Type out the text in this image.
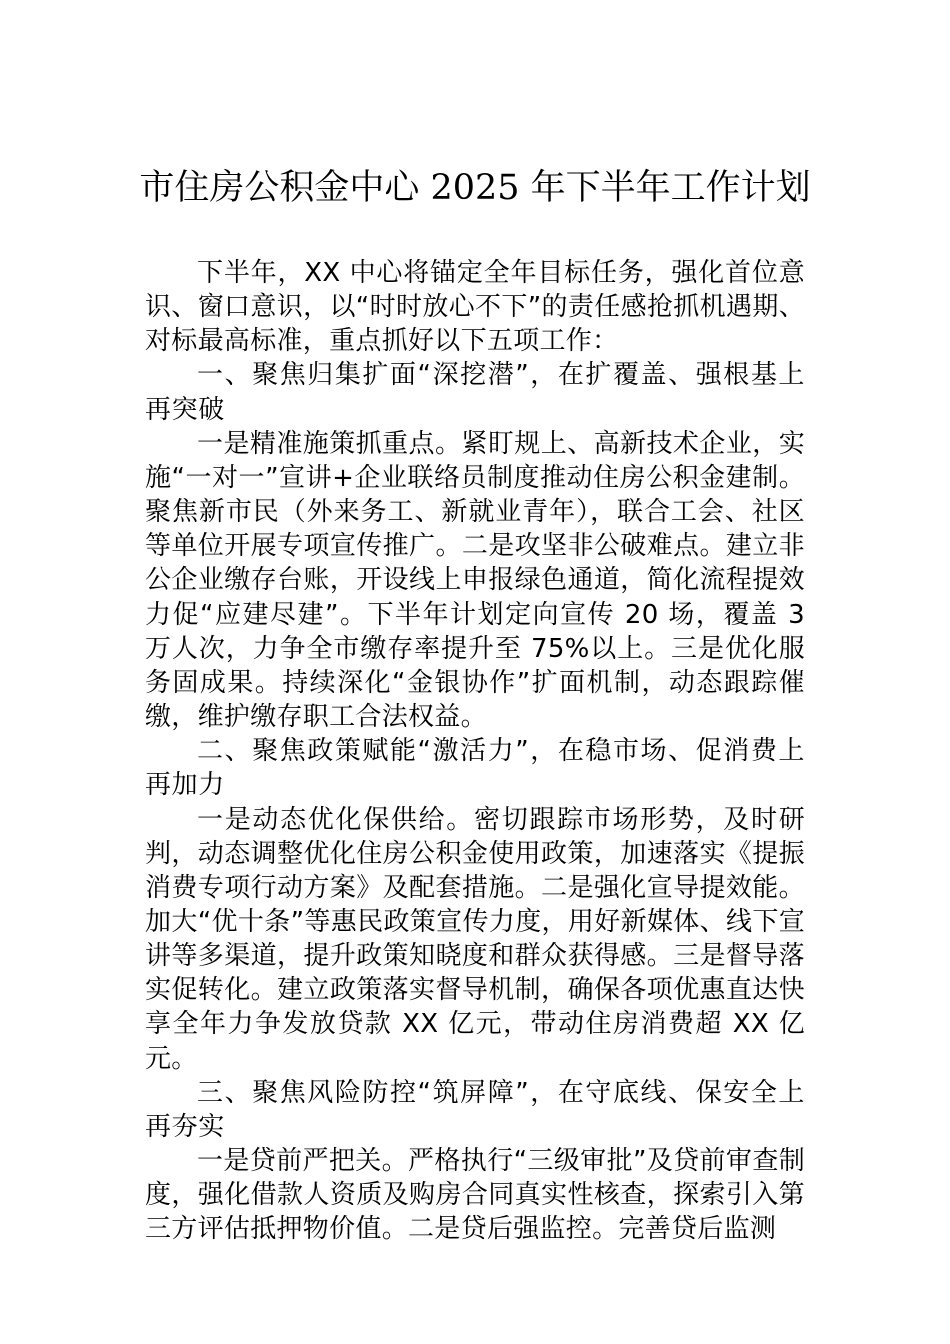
市住房公积金中心 2025 年下半年工作计划

下半年，XX 中心将锚定全年目标任务，强化首位意识、窗口意识，以“时时放心不下”的责任感抢抓机遇期、对标最高标准，重点抓好以下五项工作：

一、聚焦归集扩面“深挖潜”，在扩覆盖、强根基上再突破

一是精准施策抓重点。紧盯规上、高新技术企业，实施“一对一”宣讲+企业联络员制度推动住房公积金建制。聚焦新市民（外来务工、新就业青年），联合工会、社区等单位开展专项宣传推广。二是攻坚非公破难点。建立非公企业缴存台账，开设线上申报绿色通道，简化流程提效力促“应建尽建”。下半年计划定向宣传 20 场，覆盖 3 万人次，力争全市缴存率提升至 75%以上。三是优化服务固成果。持续深化“金银协作”扩面机制，动态跟踪催缴，维护缴存职工合法权益。

二、聚焦政策赋能“激活力”，在稳市场、促消费上再加力

一是动态优化保供给。密切跟踪市场形势，及时研判，动态调整优化住房公积金使用政策，加速落实《提振消费专项行动方案》及配套措施。二是强化宣导提效能。加大“优十条”等惠民政策宣传力度，用好新媒体、线下宣讲等多渠道，提升政策知晓度和群众获得感。三是督导落实促转化。建立政策落实督导机制，确保各项优惠直达快享全年力争发放贷款 XX 亿元，带动住房消费超 XX 亿元。

三、聚焦风险防控“筑屏障”，在守底线、保安全上再夯实

一是贷前严把关。严格执行“三级审批”及贷前审查制度，强化借款人资质及购房合同真实性核查，探索引入第三方评估抵押物价值。二是贷后强监控。完善贷后监测
